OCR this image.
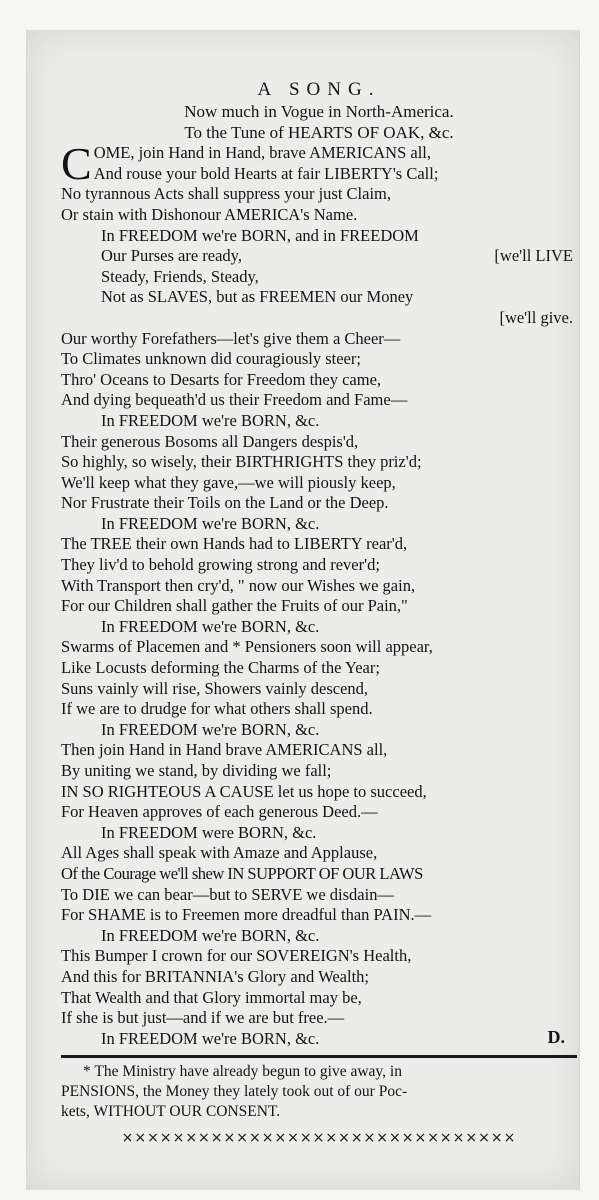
A SONG.
Now much in Vogue in North-America.
To the Tune of HEARTS OF OAK, &c.
C OME, join Hand in Hand, brave AMERICANS all,
And rouse your bold Hearts at fair LIBERTY's Call;
No tyrannous Acts shall suppress your just Claim,
Or stain with Dishonour AMERICA's Name.
In FREEDOM we're BORN, and in FREEDOM
Our Purses are ready,	[we'll LIVE
Steady, Friends, Steady,
Not as SLAVES, but as FREEMEN our Money
[we'll give.
Our worthy Forefathers—let's give them a Cheer—
To Climates unknown did couragiously steer;
Thro' Oceans to Desarts for Freedom they came,
And dying bequeath'd us their Freedom and Fame—
In FREEDOM we're BORN, &c.
Their generous Bosoms all Dangers despis'd,
So highly, so wisely, their BIRTHRIGHTS they priz'd;
We'll keep what they gave,—we will piously keep,
Nor Frustrate their Toils on the Land or the Deep.
In FREEDOM we're BORN, &c.
The TREE their own Hands had to LIBERTY rear'd,
They liv'd to behold growing strong and rever'd;
With Transport then cry'd, " now our Wishes we gain,
For our Children shall gather the Fruits of our Pain,"
In FREEDOM we're BORN, &c.
Swarms of Placemen and * Pensioners soon will appear,
Like Locusts deforming the Charms of the Year;
Suns vainly will rise, Showers vainly descend,
If we are to drudge for what others shall spend.
In FREEDOM we're BORN, &c.
Then join Hand in Hand brave AMERICANS all,
By uniting we stand, by dividing we fall;
IN SO RIGHTEOUS A CAUSE let us hope to succeed,
For Heaven approves of each generous Deed.—
In FREEDOM were BORN, &c.
All Ages shall speak with Amaze and Applause,
Of the Courage we'll shew IN SUPPORT OF OUR LAWS
To DIE we can bear—but to SERVE we disdain—
For SHAME is to Freemen more dreadful than PAIN.—
In FREEDOM we're BORN, &c.
This Bumper I crown for our SOVEREIGN's Health,
And this for BRITANNIA's Glory and Wealth;
That Wealth and that Glory immortal may be,
If she is but just—and if we are but free.—
In FREEDOM we're BORN, &c.	D.
* The Ministry have already begun to give away, in
PENSIONS, the Money they lately took out of our Poc-
kets, WITHOUT OUR CONSENT.
×××××××××××××××××××××××××××××××
